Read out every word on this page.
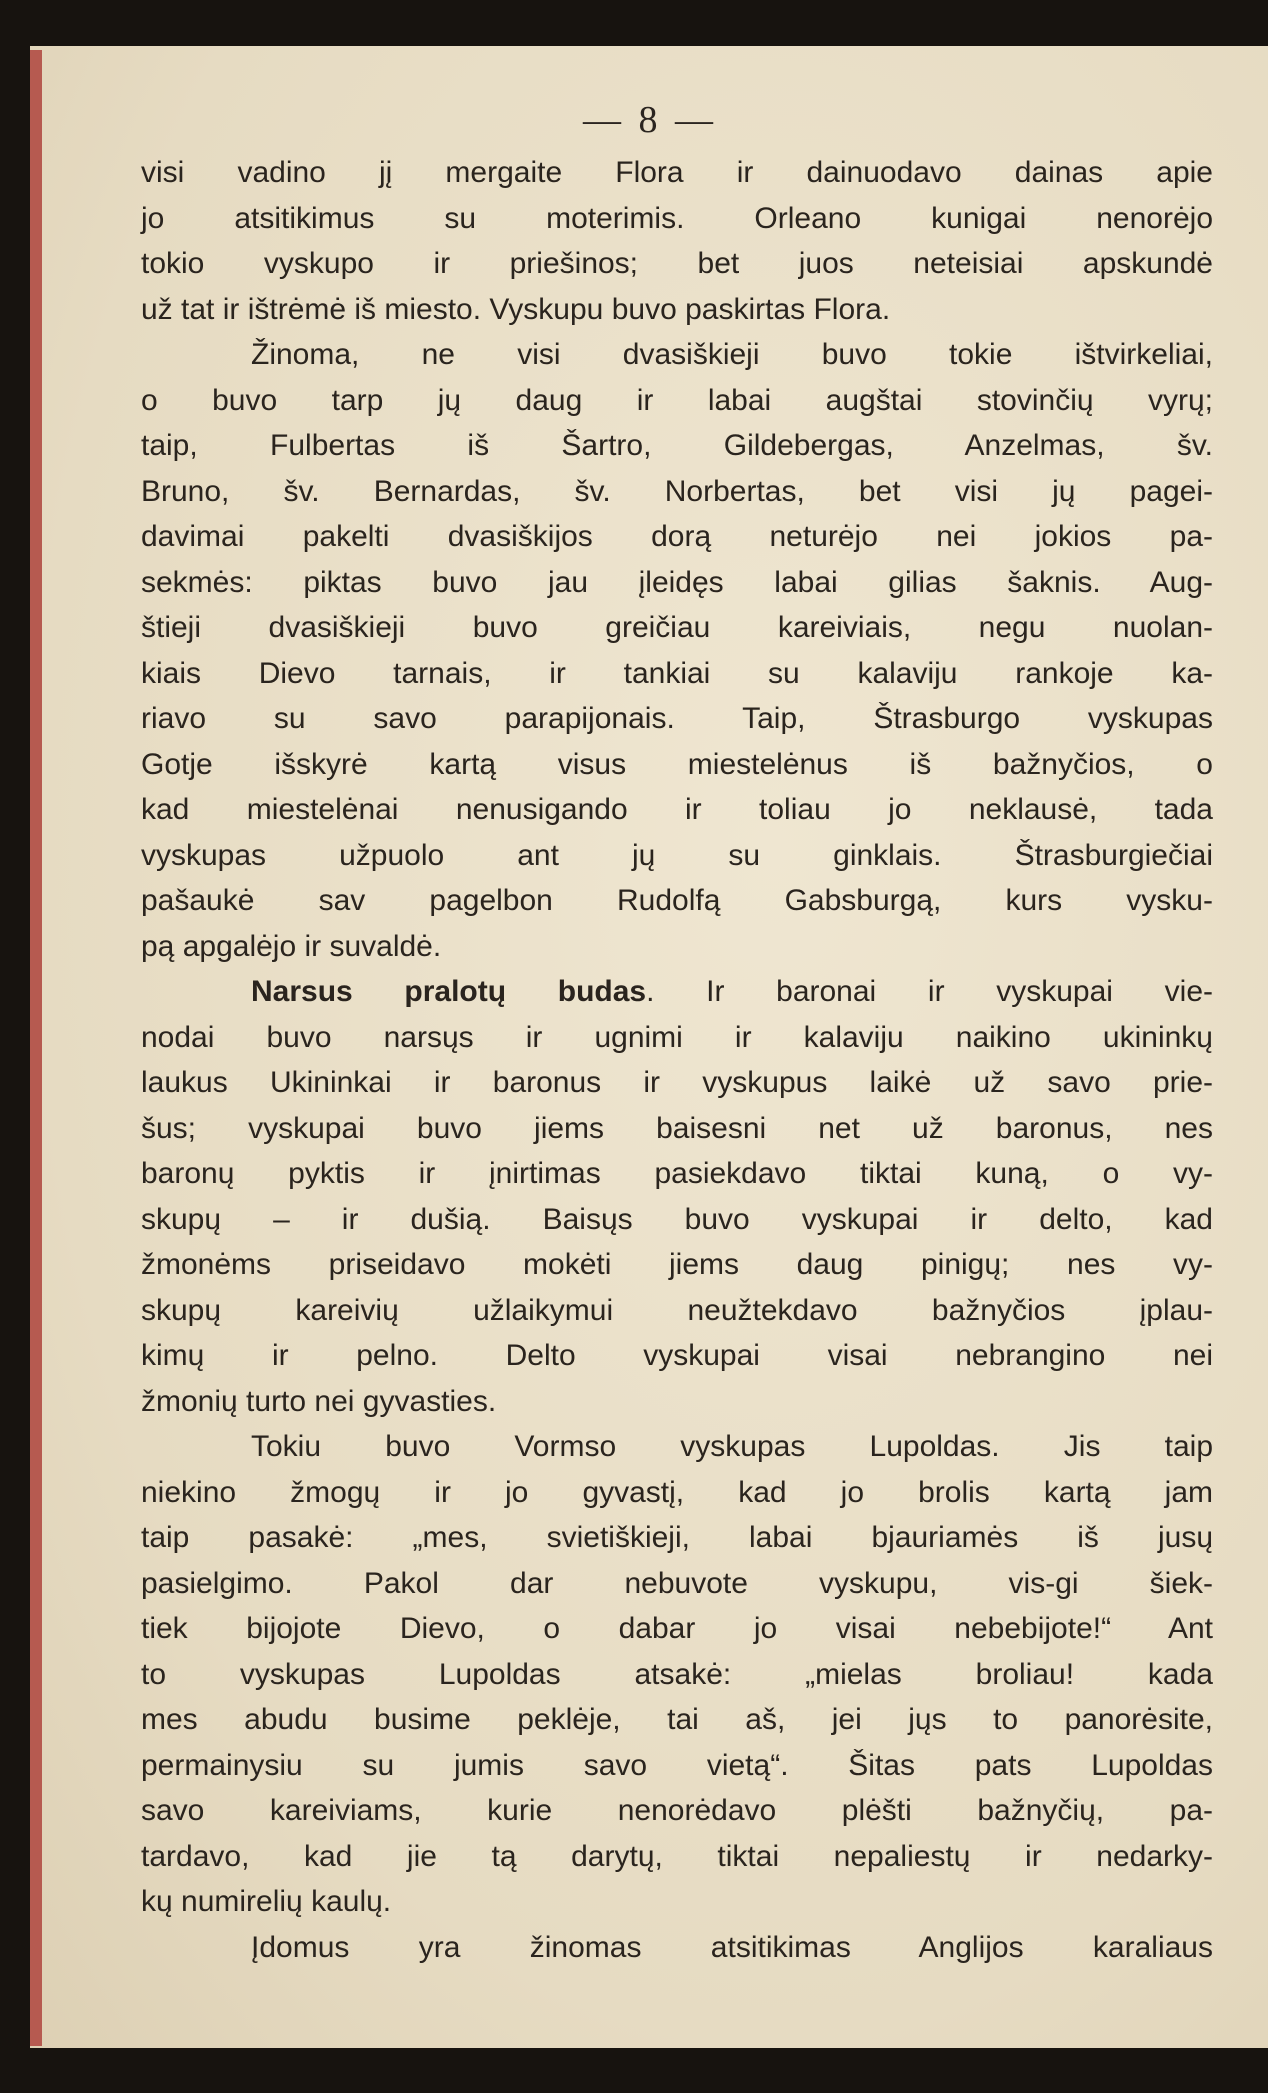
— 8 —
visi vadino jį mergaite Flora ir dainuodavo dainas apie
jo atsitikimus su moterimis. Orleano kunigai nenorėjo
tokio vyskupo ir priešinos; bet juos neteisiai apskundė
už tat ir ištrėmė iš miesto. Vyskupu buvo paskirtas Flora.
Žinoma, ne visi dvasiškieji buvo tokie ištvirkeliai,
o buvo tarp jų daug ir labai augštai stovinčių vyrų;
taip, Fulbertas iš Šartro, Gildebergas, Anzelmas, šv.
Bruno, šv. Bernardas, šv. Norbertas, bet visi jų pagei-
davimai pakelti dvasiškijos dorą neturėjo nei jokios pa-
sekmės: piktas buvo jau įleidęs labai gilias šaknis. Aug-
štieji dvasiškieji buvo greičiau kareiviais, negu nuolan-
kiais Dievo tarnais, ir tankiai su kalaviju rankoje ka-
riavo su savo parapijonais. Taip, Štrasburgo vyskupas
Gotje išskyrė kartą visus miestelėnus iš bažnyčios, o
kad miestelėnai nenusigando ir toliau jo neklausė, tada
vyskupas užpuolo ant jų su ginklais. Štrasburgiečiai
pašaukė sav pagelbon Rudolfą Gabsburgą, kurs vysku-
pą apgalėjo ir suvaldė.
Narsus pralotų budas. Ir baronai ir vyskupai vie-
nodai buvo narsųs ir ugnimi ir kalaviju naikino ukininkų
laukus Ukininkai ir baronus ir vyskupus laikė už savo prie-
šus; vyskupai buvo jiems baisesni net už baronus, nes
baronų pyktis ir įnirtimas pasiekdavo tiktai kuną, o vy-
skupų – ir dušią. Baisųs buvo vyskupai ir delto, kad
žmonėms priseidavo mokėti jiems daug pinigų; nes vy-
skupų kareivių užlaikymui neužtekdavo bažnyčios įplau-
kimų ir pelno. Delto vyskupai visai nebrangino nei
žmonių turto nei gyvasties.
Tokiu buvo Vormso vyskupas Lupoldas. Jis taip
niekino žmogų ir jo gyvastį, kad jo brolis kartą jam
taip pasakė: „mes, svietiškieji, labai bjauriamės iš jusų
pasielgimo. Pakol dar nebuvote vyskupu, vis-gi šiek-
tiek bijojote Dievo, o dabar jo visai nebebijote!“ Ant
to vyskupas Lupoldas atsakė: „mielas broliau! kada
mes abudu busime peklėje, tai aš, jei jųs to panorėsite,
permainysiu su jumis savo vietą“. Šitas pats Lupoldas
savo kareiviams, kurie nenorėdavo plėšti bažnyčių, pa-
tardavo, kad jie tą darytų, tiktai nepaliestų ir nedarky-
kų numirelių kaulų.
Įdomus yra žinomas atsitikimas Anglijos karaliaus
